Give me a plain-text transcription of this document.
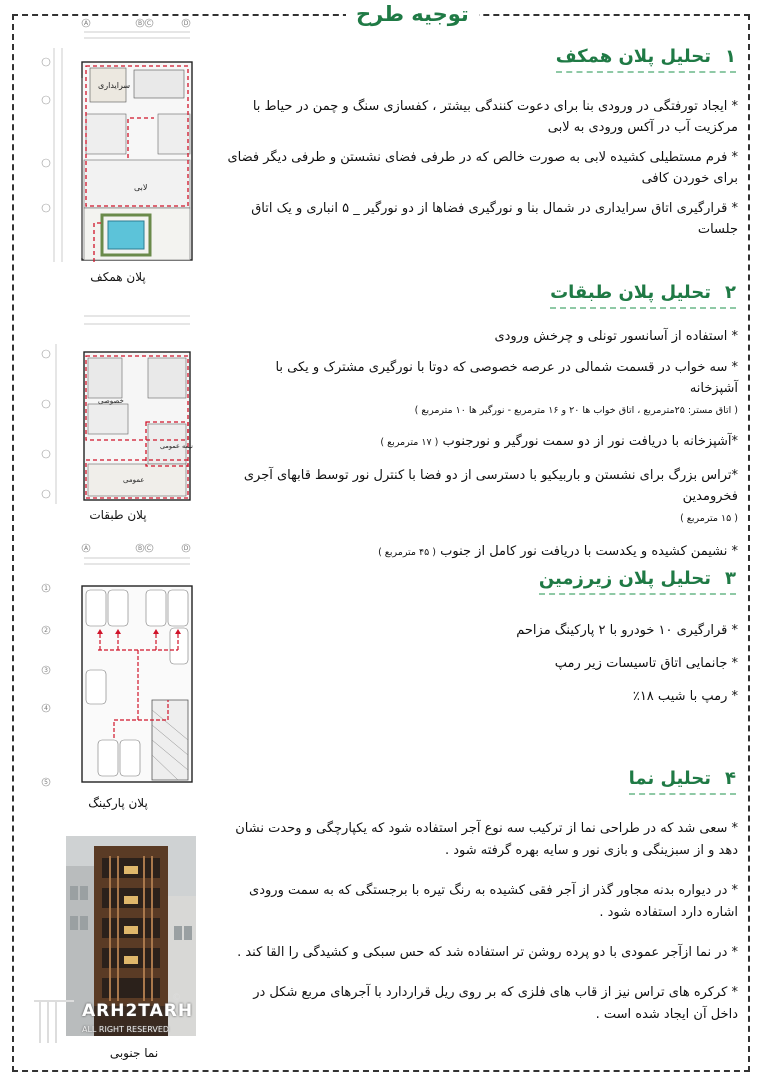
توجیه طرح
۱تحلیل پلان همکف

* ایجاد تورفتگی در ورودی بنا برای دعوت کنندگی بیشتر ، کفسازی سنگ و چمن در حیاط با مرکزیت آب در آکس ورودی به لابی

* فرم مستطیلی کشیده لابی به صورت خالص که در طرفی فضای نشستن و طرفی دیگر فضای برای خوردن کافی

* قرارگیری اتاق سرایداری در شمال بنا و نورگیری فضاها از دو نورگیر _ ۵ انباری و یک اتاق جلسات

A	B C	D
سرایداری
لابی
پلان همکف
۲تحلیل پلان طبقات

* استفاده از آسانسور تونلی و چرخش ورودی

* سه خواب در قسمت شمالی در عرصه خصوصی که دوتا با نورگیری مشترک و یکی با آشپزخانه

( اتاق مستر: ۲۵مترمربع ، اتاق خواب ها ۲۰ و ۱۶ مترمربع - نورگیر ها ۱۰ مترمربع )

*آشپزخانه با دریافت نور از دو سمت نورگیر و نورجنوب ( ۱۷ مترمربع )

*تراس بزرگ برای نشستن و باربیکیو با دسترسی از دو فضا با کنترل نور توسط قابهای آجری فخرومدین

( ۱۵ مترمربع )

* نشیمن کشیده و یکدست با دریافت نور کامل از جنوب ( ۴۵ مترمربع )

خصوصی
نیمه عمومی
عمومی
پلان طبقات
۳تحلیل پلان زیرزمین

* قرارگیری ۱۰ خودرو با ۲ پارکینگ مزاحم

* جانمایی اتاق تاسیسات زیر رمپ

* رمپ با شیب ۱۸٪

A	B C	D
1
2
3
4
5
پلان پارکینگ
۴تحلیل نما

* سعی شد که در طراحی نما از ترکیب سه نوع آجر استفاده شود که یکپارچگی و وحدت نشان دهد و از سبزینگی و بازی نور و سایه بهره گرفته شود .

* در دیواره بدنه مجاور گذر از آجر فقی کشیده به رنگ تیره با برجستگی که به سمت ورودی اشاره دارد استفاده شود .

* در نما ازآجر عمودی با دو پرده روشن تر استفاده شد که حس سبکی و کشیدگی را القا کند .

* کرکره های تراس نیز از قاب های فلزی که بر روی ریل قراردارد با آجرهای مربع شکل در داخل آن ایجاد شده است .

نما جنوبی
ARH2TARH
ALL RIGHT RESERVED
©
